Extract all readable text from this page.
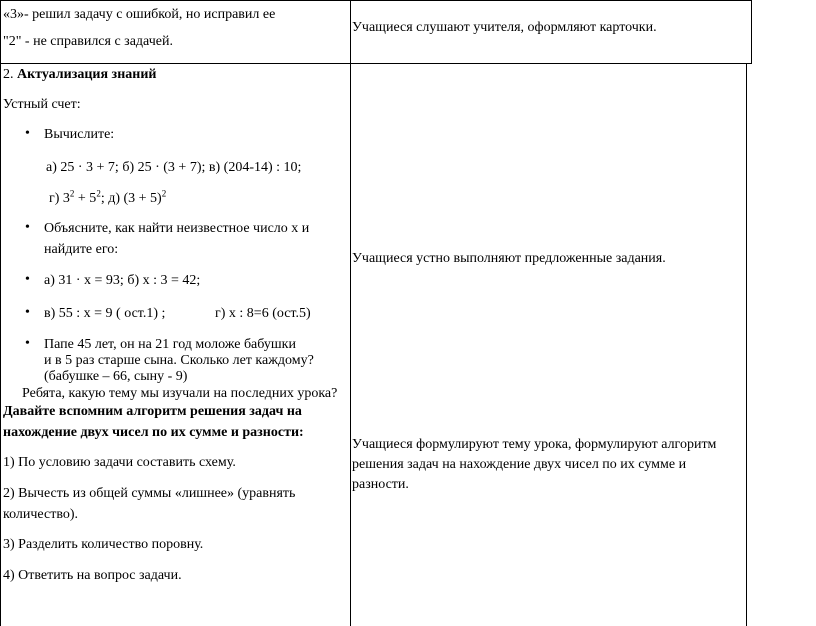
«3»- решил задачу с ошибкой, но исправил ее
"2" - не справился с задачей.
Учащиеся слушают учителя, оформляют карточки.
2. Актуализация знаний
Устный счет:
• Вычислите:
а) 25 · 3 + 7; б) 25 · (3 + 7); в) (204-14) : 10;
г) $3^2 + 5^2$; д) $(3 + 5)^2$
• Объясните, как найти неизвестное число х и
найдите его:
• а) 31 · х = 93; б) х : 3 = 42;
• в) 55 : х = 9 ( ост.1) ;	г) х : 8=6 (ост.5)
• Папе 45 лет, он на 21 год моложе бабушки
и в 5 раз старше сына. Сколько лет каждому?
(бабушке – 66, сыну - 9)
Ребята, какую тему мы изучали на последних урока?
Давайте вспомним алгоритм решения задач на
нахождение двух чисел по их сумме и разности:
1) По условию задачи составить схему.
2) Вычесть из общей суммы «лишнее» (уравнять
количество).
3) Разделить количество поровну.
4) Ответить на вопрос задачи.
Учащиеся устно выполняют предложенные задания.
Учащиеся формулируют тему урока, формулируют алгоритм
решения задач на нахождение двух чисел по их сумме и
разности.
